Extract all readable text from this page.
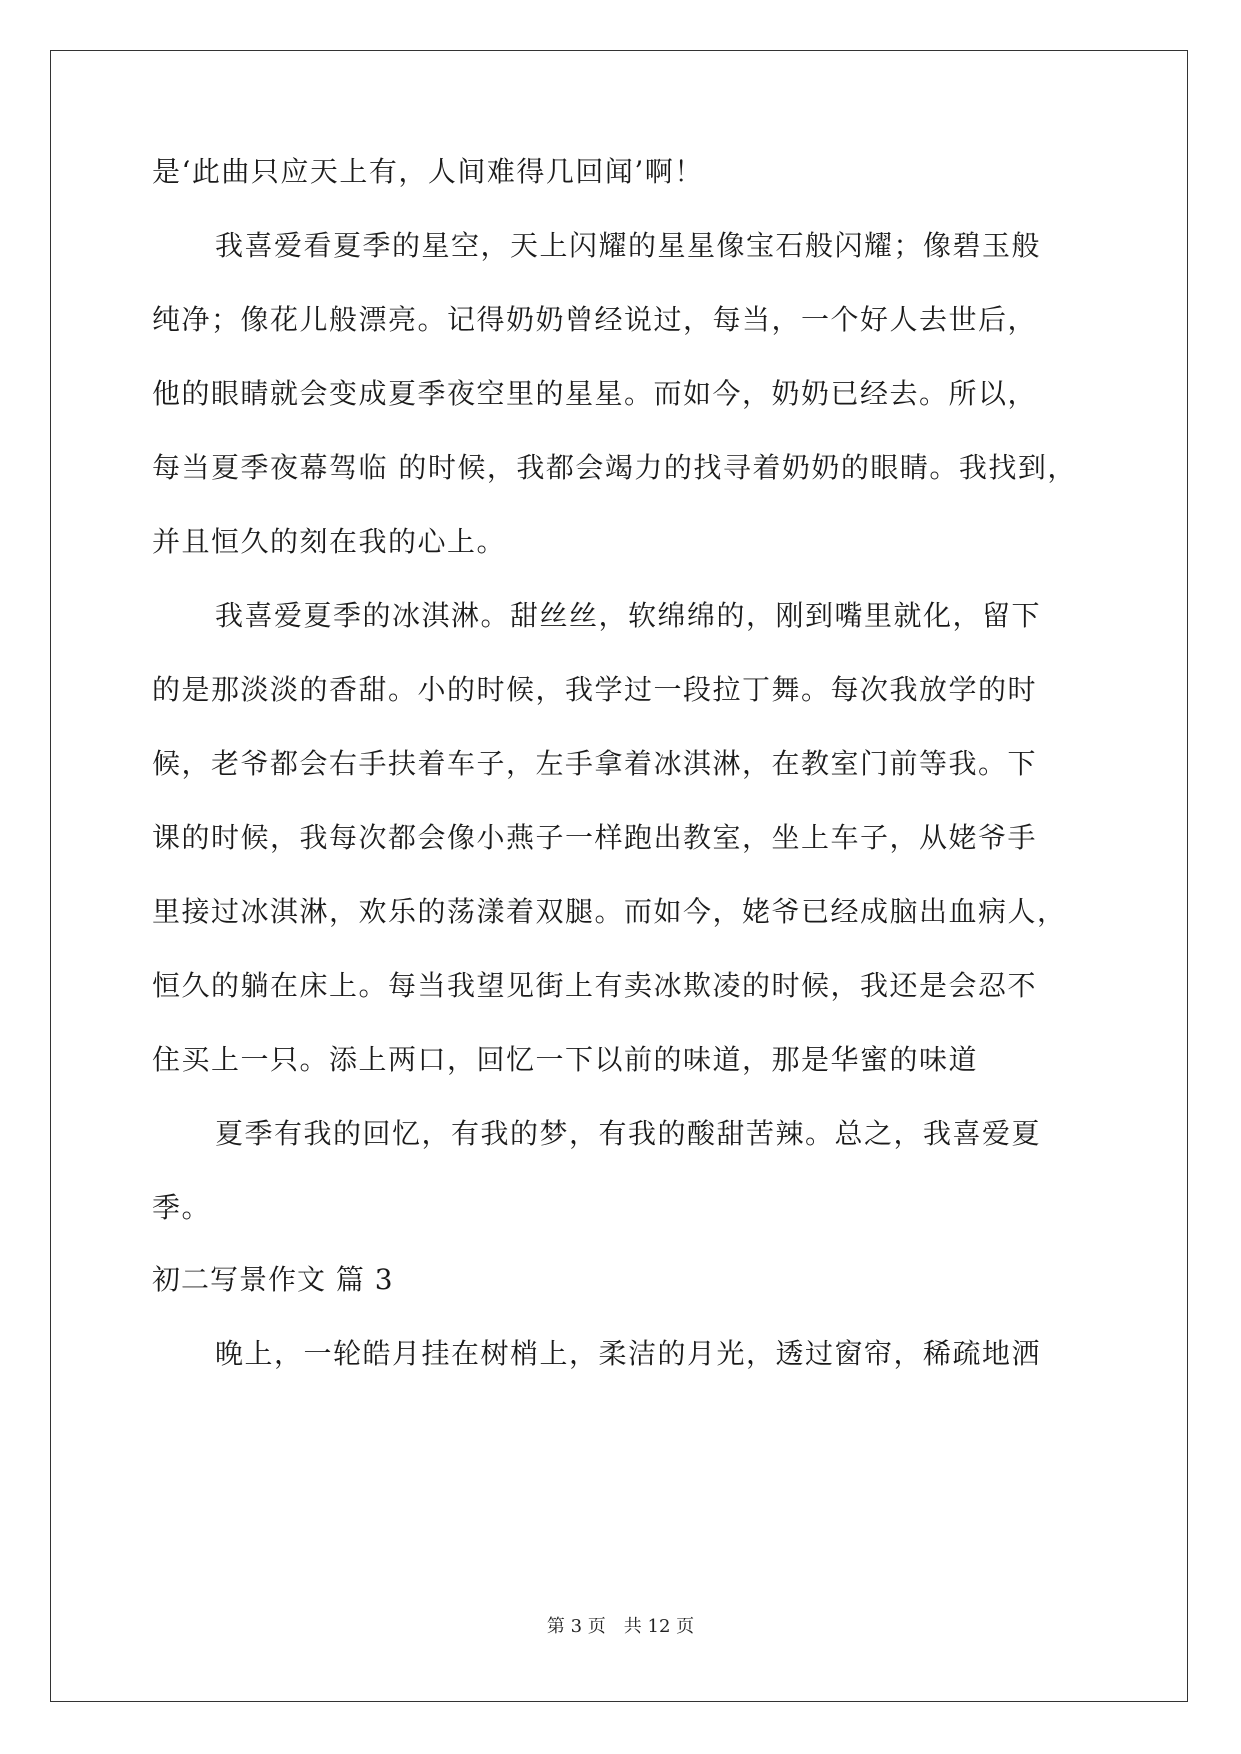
是‘此曲只应天上有，人间难得几回闻’啊！
我喜爱看夏季的星空，天上闪耀的星星像宝石般闪耀；像碧玉般
纯净；像花儿般漂亮。记得奶奶曾经说过，每当，一个好人去世后，
他的眼睛就会变成夏季夜空里的星星。而如今，奶奶已经去。所以，
每当夏季夜幕驾临 的时候，我都会竭力的找寻着奶奶的眼睛。我找到，
并且恒久的刻在我的心上。
我喜爱夏季的冰淇淋。甜丝丝，软绵绵的，刚到嘴里就化，留下
的是那淡淡的香甜。小的时候，我学过一段拉丁舞。每次我放学的时
候，老爷都会右手扶着车子，左手拿着冰淇淋，在教室门前等我。下
课的时候，我每次都会像小燕子一样跑出教室，坐上车子，从姥爷手
里接过冰淇淋，欢乐的荡漾着双腿。而如今，姥爷已经成脑出血病人，
恒久的躺在床上。每当我望见街上有卖冰欺凌的时候，我还是会忍不
住买上一只。添上两口，回忆一下以前的味道，那是华蜜的味道
夏季有我的回忆，有我的梦，有我的酸甜苦辣。总之，我喜爱夏
季。
初二写景作文 篇 3
晚上，一轮皓月挂在树梢上，柔洁的月光，透过窗帘，稀疏地洒
第 3 页　共 12 页
